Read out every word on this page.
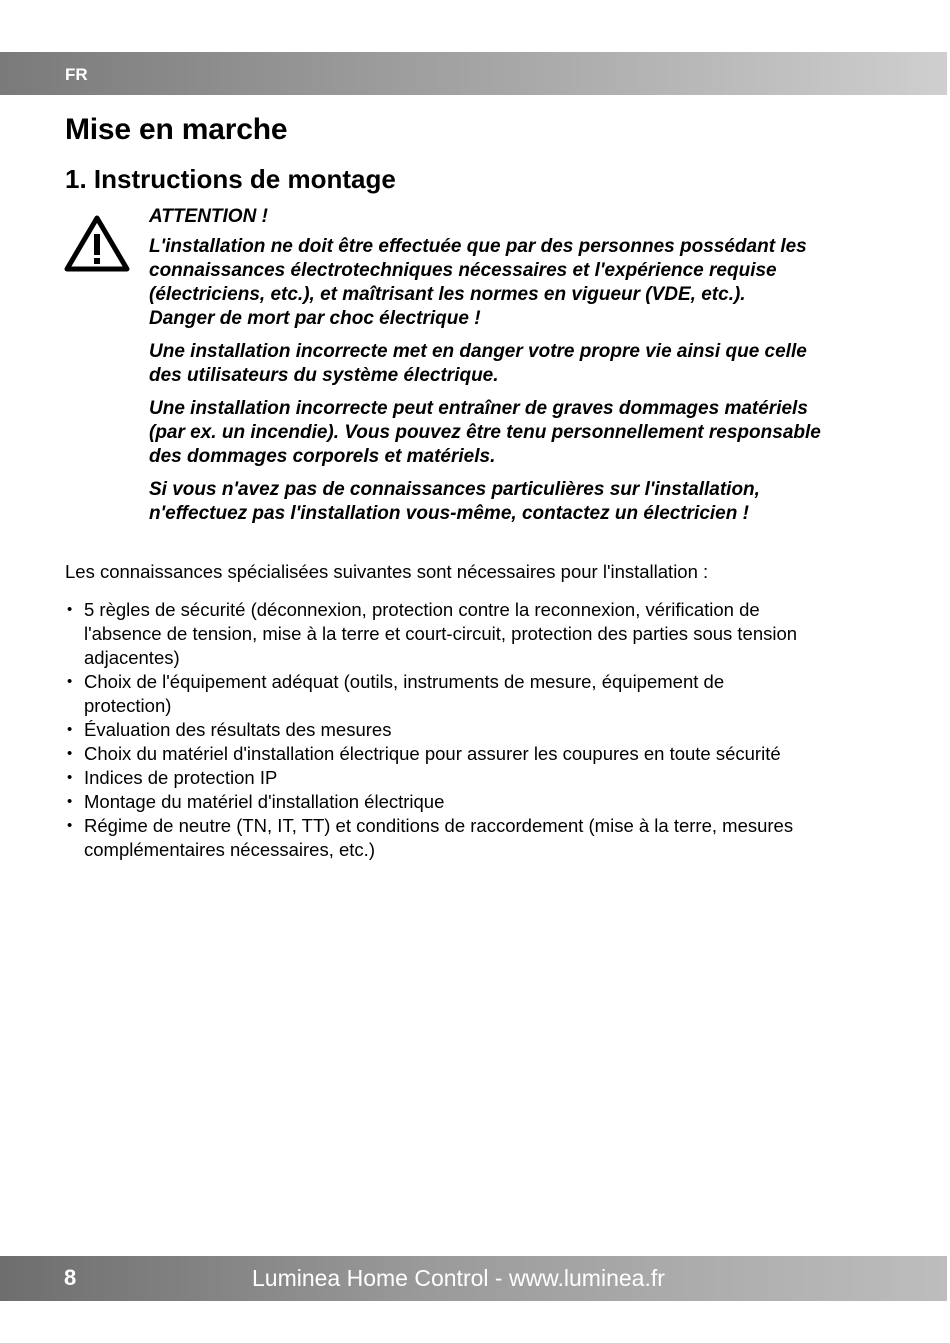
FR
Mise en marche
1. Instructions de montage

ATTENTION !

L'installation ne doit être effectuée que par des personnes possédant les
connaissances électrotechniques nécessaires et l'expérience requise
(électriciens, etc.), et maîtrisant les normes en vigueur (VDE, etc.).
Danger de mort par choc électrique !

Une installation incorrecte met en danger votre propre vie ainsi que celle
des utilisateurs du système électrique.

Une installation incorrecte peut entraîner de graves dommages matériels
(par ex. un incendie). Vous pouvez être tenu personnellement responsable
des dommages corporels et matériels.

Si vous n'avez pas de connaissances particulières sur l'installation,
n'effectuez pas l'installation vous-même, contactez un électricien !

Les connaissances spécialisées suivantes sont nécessaires pour l'installation :

• 5 règles de sécurité (déconnexion, protection contre la reconnexion, vérification de
l'absence de tension, mise à la terre et court-circuit, protection des parties sous tension
adjacentes)
• Choix de l'équipement adéquat (outils, instruments de mesure, équipement de
protection)
• Évaluation des résultats des mesures
• Choix du matériel d'installation électrique pour assurer les coupures en toute sécurité
• Indices de protection IP
• Montage du matériel d'installation électrique
• Régime de neutre (TN, IT, TT) et conditions de raccordement (mise à la terre, mesures
complémentaires nécessaires, etc.)
8	Luminea Home Control - www.luminea.fr
